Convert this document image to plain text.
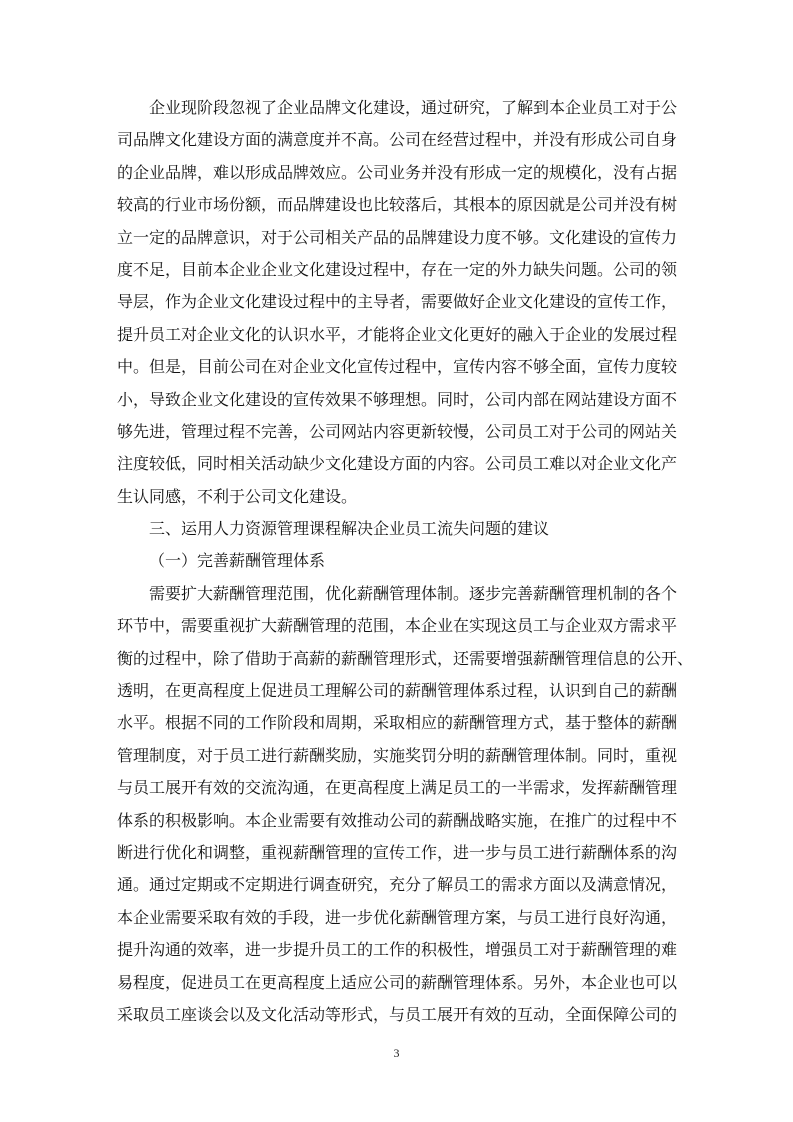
企业现阶段忽视了企业品牌文化建设，通过研究，了解到本企业员工对于公
司品牌文化建设方面的满意度并不高。公司在经营过程中，并没有形成公司自身
的企业品牌，难以形成品牌效应。公司业务并没有形成一定的规模化，没有占据
较高的行业市场份额，而品牌建设也比较落后，其根本的原因就是公司并没有树
立一定的品牌意识，对于公司相关产品的品牌建设力度不够。文化建设的宣传力
度不足，目前本企业企业文化建设过程中，存在一定的外力缺失问题。公司的领
导层，作为企业文化建设过程中的主导者，需要做好企业文化建设的宣传工作，
提升员工对企业文化的认识水平，才能将企业文化更好的融入于企业的发展过程
中。但是，目前公司在对企业文化宣传过程中，宣传内容不够全面，宣传力度较
小，导致企业文化建设的宣传效果不够理想。同时，公司内部在网站建设方面不
够先进，管理过程不完善，公司网站内容更新较慢，公司员工对于公司的网站关
注度较低，同时相关活动缺少文化建设方面的内容。公司员工难以对企业文化产
生认同感，不利于公司文化建设。
三、运用人力资源管理课程解决企业员工流失问题的建议
（一）完善薪酬管理体系
需要扩大薪酬管理范围，优化薪酬管理体制。逐步完善薪酬管理机制的各个
环节中，需要重视扩大薪酬管理的范围，本企业在实现这员工与企业双方需求平
衡的过程中，除了借助于高薪的薪酬管理形式，还需要增强薪酬管理信息的公开、
透明，在更高程度上促进员工理解公司的薪酬管理体系过程，认识到自己的薪酬
水平。根据不同的工作阶段和周期，采取相应的薪酬管理方式，基于整体的薪酬
管理制度，对于员工进行薪酬奖励，实施奖罚分明的薪酬管理体制。同时，重视
与员工展开有效的交流沟通，在更高程度上满足员工的一半需求，发挥薪酬管理
体系的积极影响。本企业需要有效推动公司的薪酬战略实施，在推广的过程中不
断进行优化和调整，重视薪酬管理的宣传工作，进一步与员工进行薪酬体系的沟
通。通过定期或不定期进行调查研究，充分了解员工的需求方面以及满意情况，
本企业需要采取有效的手段，进一步优化薪酬管理方案，与员工进行良好沟通，
提升沟通的效率，进一步提升员工的工作的积极性，增强员工对于薪酬管理的难
易程度，促进员工在更高程度上适应公司的薪酬管理体系。另外，本企业也可以
采取员工座谈会以及文化活动等形式，与员工展开有效的互动，全面保障公司的
3
